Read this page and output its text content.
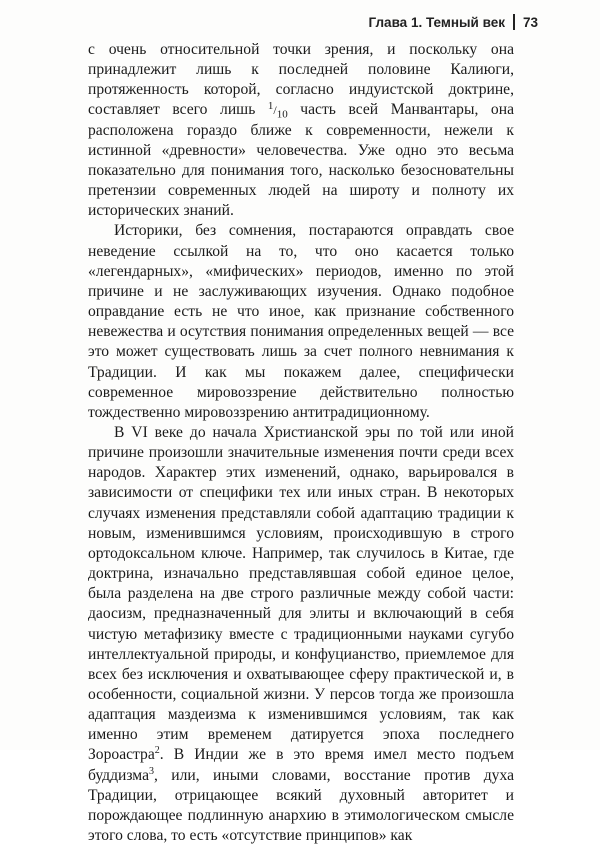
Глава 1. Темный век 73

с очень относительной точки зрения, и поскольку она принадлежит лишь к последней половине Калиюги, протяженность которой, согласно индуистской доктрине, составляет всего лишь $^1/_{10}$ часть всей Манвантары, она расположена гораздо ближе к современности, нежели к истинной «древности» человечества. Уже одно это весьма показательно для понимания того, насколько безосновательны претензии современных людей на широту и полноту их исторических знаний.

Историки, без сомнения, постараются оправдать свое неведение ссылкой на то, что оно касается только «легендарных», «мифических» периодов, именно по этой причине и не заслуживающих изучения. Однако подобное оправдание есть не что иное, как признание собственного невежества и осутствия понимания определенных вещей — все это может существовать лишь за счет полного невнимания к Традиции. И как мы покажем далее, специфически современное мировоззрение действительно полностью тождественно мировоззрению антитрадиционному.

В VI веке до начала Христианской эры по той или иной причине произошли значительные изменения почти среди всех народов. Характер этих изменений, однако, варьировался в зависимости от специфики тех или иных стран. В некоторых случаях изменения представляли собой адаптацию традиции к новым, изменившимся условиям, происходившую в строго ортодоксальном ключе. Например, так случилось в Китае, где доктрина, изначально представлявшая собой единое целое, была разделена на две строго различные между собой части: даосизм, предназначенный для элиты и включающий в себя чистую метафизику вместе с традиционными науками сугубо интеллектуальной природы, и конфуцианство, приемлемое для всех без исключения и охватывающее сферу практической и, в особенности, социальной жизни. У персов тогда же произошла адаптация маздеизма к изменившимся условиям, так как именно этим временем датируется эпоха последнего Зороастра$^2$. В Индии же в это время имел место подъем буддизма$^3$, или, иными словами, восстание против духа Традиции, отрицающее всякий духовный авторитет и порождающее подлинную анархию в этимологическом смысле этого слова, то есть «отсутствие принципов» как
